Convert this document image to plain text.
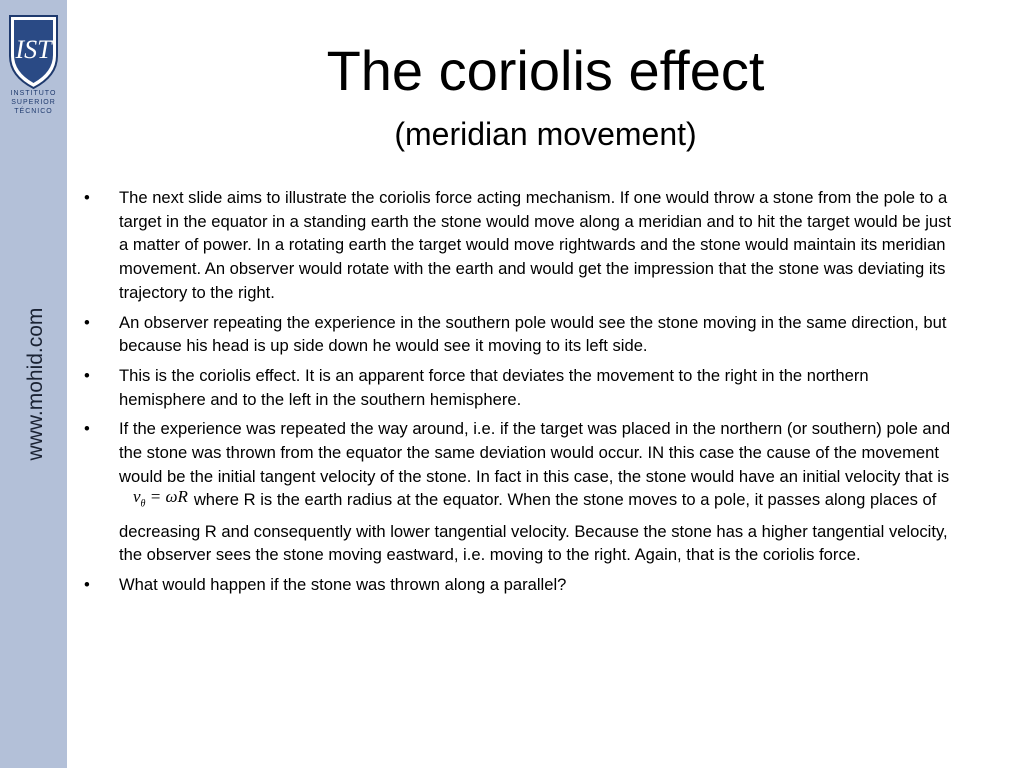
IST
INSTITUTO
SUPERIOR
TÉCNICO
www.mohid.com
The coriolis effect
(meridian movement)
• The next slide aims to illustrate the coriolis force acting mechanism. If one would throw a stone from the pole to a target in the equator in a standing earth the stone would move along a meridian and to hit the target would be just a matter of power. In a rotating earth the target would move rightwards and the stone would maintain its meridian movement. An observer would rotate with the earth and would get the impression that the stone was deviating its trajectory to the right.
• An observer repeating the experience in the southern pole would see the stone moving in the same direction, but because his head is up side down he would see it moving to its left side.
• This is the coriolis effect. It is an apparent force that deviates the movement to the right in the northern hemisphere and to the left in the southern hemisphere.
• If the experience was repeated the way around, i.e. if the target was placed in the northern (or southern) pole and the stone was thrown from the equator the same deviation would occur. IN this case the cause of the movement would be the initial tangent velocity of the stone. In fact in this case, the stone would have an initial velocity that isv$_\theta$ = ωR where R is the earth radius at the equator. When the stone moves to a pole, it passes along places of decreasing R and consequently with lower tangential velocity. Because the stone has a higher tangential velocity, the observer sees the stone moving eastward, i.e. moving to the right. Again, that is the coriolis force.
• What would happen if the stone was thrown along a parallel?
